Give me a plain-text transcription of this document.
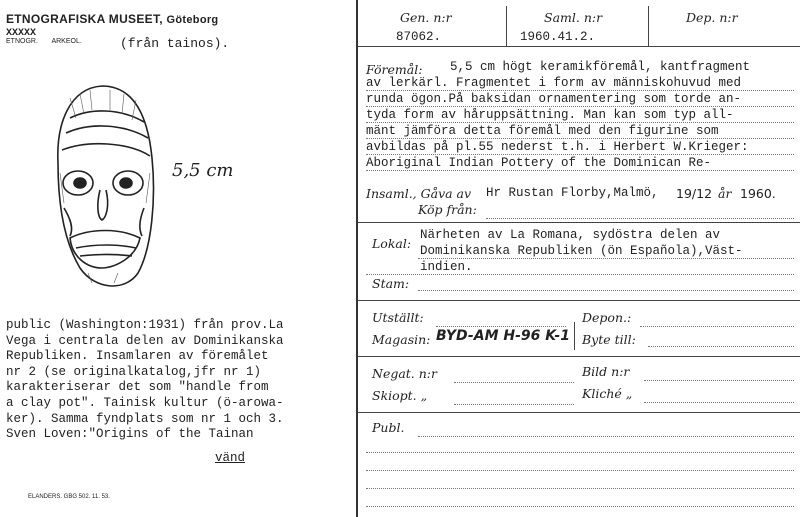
ETNOGRAFISKA MUSEET, Göteborg
XXXXX
ETNOGR. ARKEOL.	(från tainos).
5,5 cm
public (Washington:1931) från prov.La
Vega i centrala delen av Dominikanska
Republiken. Insamlaren av föremålet
nr 2 (se originalkatalog,jfr nr 1)
karakteriserar det som "handle from
a clay pot". Tainisk kultur (ö-arowa-
ker). Samma fyndplats som nr 1 och 3.
Sven Loven:"Origins of the Tainan
vänd
ELANDERS. GBG 502. 11. 53.
Gen. n:r	Saml. n:r	Dep. n:r
87062.	1960.41.2.
Föremål: 5,5 cm högt keramikföremål, kantfragment
av lerkärl. Fragmentet i form av människohuvud med
runda ögon.På baksidan ornamentering som torde an-
tyda form av håruppsättning. Man kan som typ all-
mänt jämföra detta föremål med den figurine som
avbildas på pl.55 nederst t.h. i Herbert W.Krieger:
Aboriginal Indian Pottery of the Dominican Re-
Insaml., Gåva av Hr Rustan Florby,Malmö, 19/12 år 1960.
Köp från:
Lokal:
Närheten av La Romana, sydöstra delen av
Dominikanska Republiken (ön Española),Väst-
indien.
Stam:
Utställt:	Depon.:
Magasin: BYD-AM H-96 K-1 Byte till:
Negat. n:r	Bild n:r
Skiopt. „	Kliché „
Publ.
